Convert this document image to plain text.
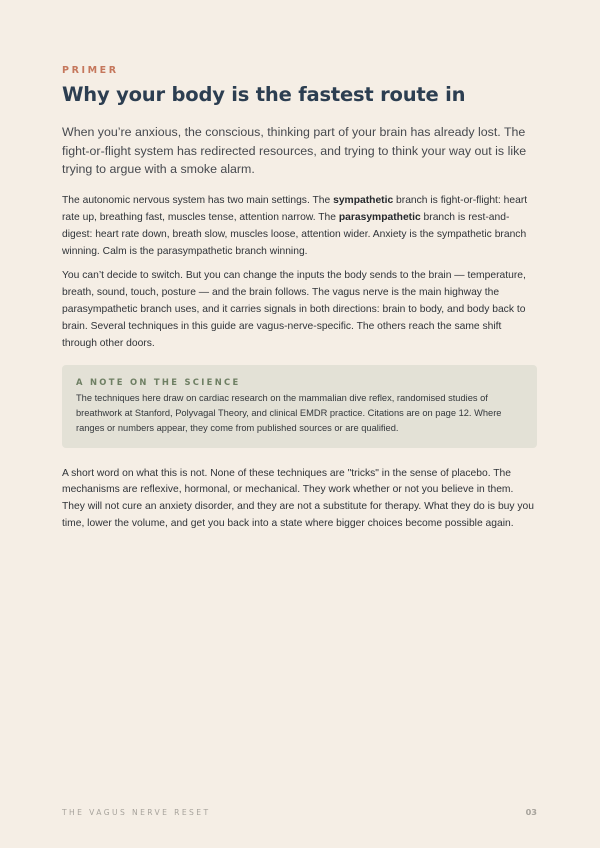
PRIMER
Why your body is the fastest route in

When you’re anxious, the conscious, thinking part of your brain has already lost. The fight-or-flight system has redirected resources, and trying to think your way out is like trying to argue with a smoke alarm.

The autonomic nervous system has two main settings. The sympathetic branch is fight-or-flight: heart rate up, breathing fast, muscles tense, attention narrow. The parasympathetic branch is rest-and-digest: heart rate down, breath slow, muscles loose, attention wider. Anxiety is the sympathetic branch winning. Calm is the parasympathetic branch winning.

You can’t decide to switch. But you can change the inputs the body sends to the brain — temperature, breath, sound, touch, posture — and the brain follows. The vagus nerve is the main highway the parasympathetic branch uses, and it carries signals in both directions: brain to body, and body back to brain. Several techniques in this guide are vagus-nerve-specific. The others reach the same shift through other doors.

A NOTE ON THE SCIENCE

The techniques here draw on cardiac research on the mammalian dive reflex, randomised studies of breathwork at Stanford, Polyvagal Theory, and clinical EMDR practice. Citations are on page 12. Where ranges or numbers appear, they come from published sources or are qualified.

A short word on what this is not. None of these techniques are "tricks" in the sense of placebo. The mechanisms are reflexive, hormonal, or mechanical. They work whether or not you believe in them. They will not cure an anxiety disorder, and they are not a substitute for therapy. What they do is buy you time, lower the volume, and get you back into a state where bigger choices become possible again.

THE VAGUS NERVE RESET	03
